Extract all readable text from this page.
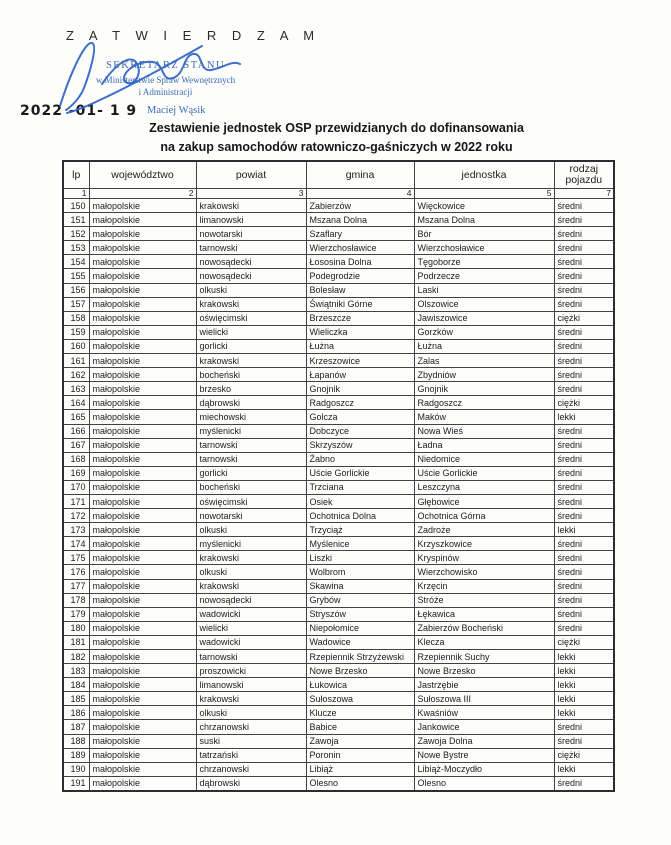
Z A T W I E R D Z A M
SEKRETARZ STANU
w Ministerstwie Spraw Wewnętrznych
i Administracji
2022 -01- 1 9 Maciej Wąsik
Zestawienie jednostek OSP przewidzianych do dofinansowania
na zakup samochodów ratowniczo-gaśniczych w 2022 roku
lp	województwo	powiat	gmina	jednostka	rodzaj pojazdu
1	2	3	4	5	7
150	małopolskie	krakowski	Zabierzów	Więckowice	średni
151	małopolskie	limanowski	Mszana Dolna	Mszana Dolna	średni
152	małopolskie	nowotarski	Szaflary	Bór	średni
153	małopolskie	tarnowski	Wierzchosławice	Wierzchosławice	średni
154	małopolskie	nowosądecki	Łososina Dolna	Tęgoborze	średni
155	małopolskie	nowosądecki	Podegrodzie	Podrzecze	średni
156	małopolskie	olkuski	Bolesław	Laski	średni
157	małopolskie	krakowski	Świątniki Górne	Olszowice	średni
158	małopolskie	oświęcimski	Brzeszcze	Jawiszowice	ciężki
159	małopolskie	wielicki	Wieliczka	Gorzków	średni
160	małopolskie	gorlicki	Łużna	Łużna	średni
161	małopolskie	krakowski	Krzeszowice	Zalas	średni
162	małopolskie	bocheński	Łapanów	Zbydniów	średni
163	małopolskie	brzesko	Gnojnik	Gnojnik	średni
164	małopolskie	dąbrowski	Radgoszcz	Radgoszcz	ciężki
165	małopolskie	miechowski	Golcza	Maków	lekki
166	małopolskie	myślenicki	Dobczyce	Nowa Wieś	średni
167	małopolskie	tarnowski	Skrzyszów	Ładna	średni
168	małopolskie	tarnowski	Żabno	Niedomice	średni
169	małopolskie	gorlicki	Uście Gorlickie	Uście Gorlickie	średni
170	małopolskie	bocheński	Trzciana	Leszczyna	średni
171	małopolskie	oświęcimski	Osiek	Głębowice	średni
172	małopolskie	nowotarski	Ochotnica Dolna	Ochotnica Górna	średni
173	małopolskie	olkuski	Trzyciąż	Zadroże	lekki
174	małopolskie	myślenicki	Myślenice	Krzyszkowice	średni
175	małopolskie	krakowski	Liszki	Kryspinów	średni
176	małopolskie	olkuski	Wolbrom	Wierzchowisko	średni
177	małopolskie	krakowski	Skawina	Krzęcin	średni
178	małopolskie	nowosądecki	Grybów	Stróże	średni
179	małopolskie	wadowicki	Stryszów	Łękawica	średni
180	małopolskie	wielicki	Niepołomice	Zabierzów Bocheński	średni
181	małopolskie	wadowicki	Wadowice	Klecza	ciężki
182	małopolskie	tarnowski	Rzepiennik Strzyżewski	Rzepiennik Suchy	lekki
183	małopolskie	proszowicki	Nowe Brzesko	Nowe Brzesko	lekki
184	małopolskie	limanowski	Łukowica	Jastrzębie	lekki
185	małopolskie	krakowski	Sułoszowa	Sułoszowa III	lekki
186	małopolskie	olkuski	Klucze	Kwaśniów	lekki
187	małopolskie	chrzanowski	Babice	Jankowice	średni
188	małopolskie	suski	Zawoja	Zawoja Dolna	średni
189	małopolskie	tatrzański	Poronin	Nowe Bystre	ciężki
190	małopolskie	chrzanowski	Libiąż	Libiąż-Moczydło	lekki
191	małopolskie	dąbrowski	Olesno	Olesno	średni
